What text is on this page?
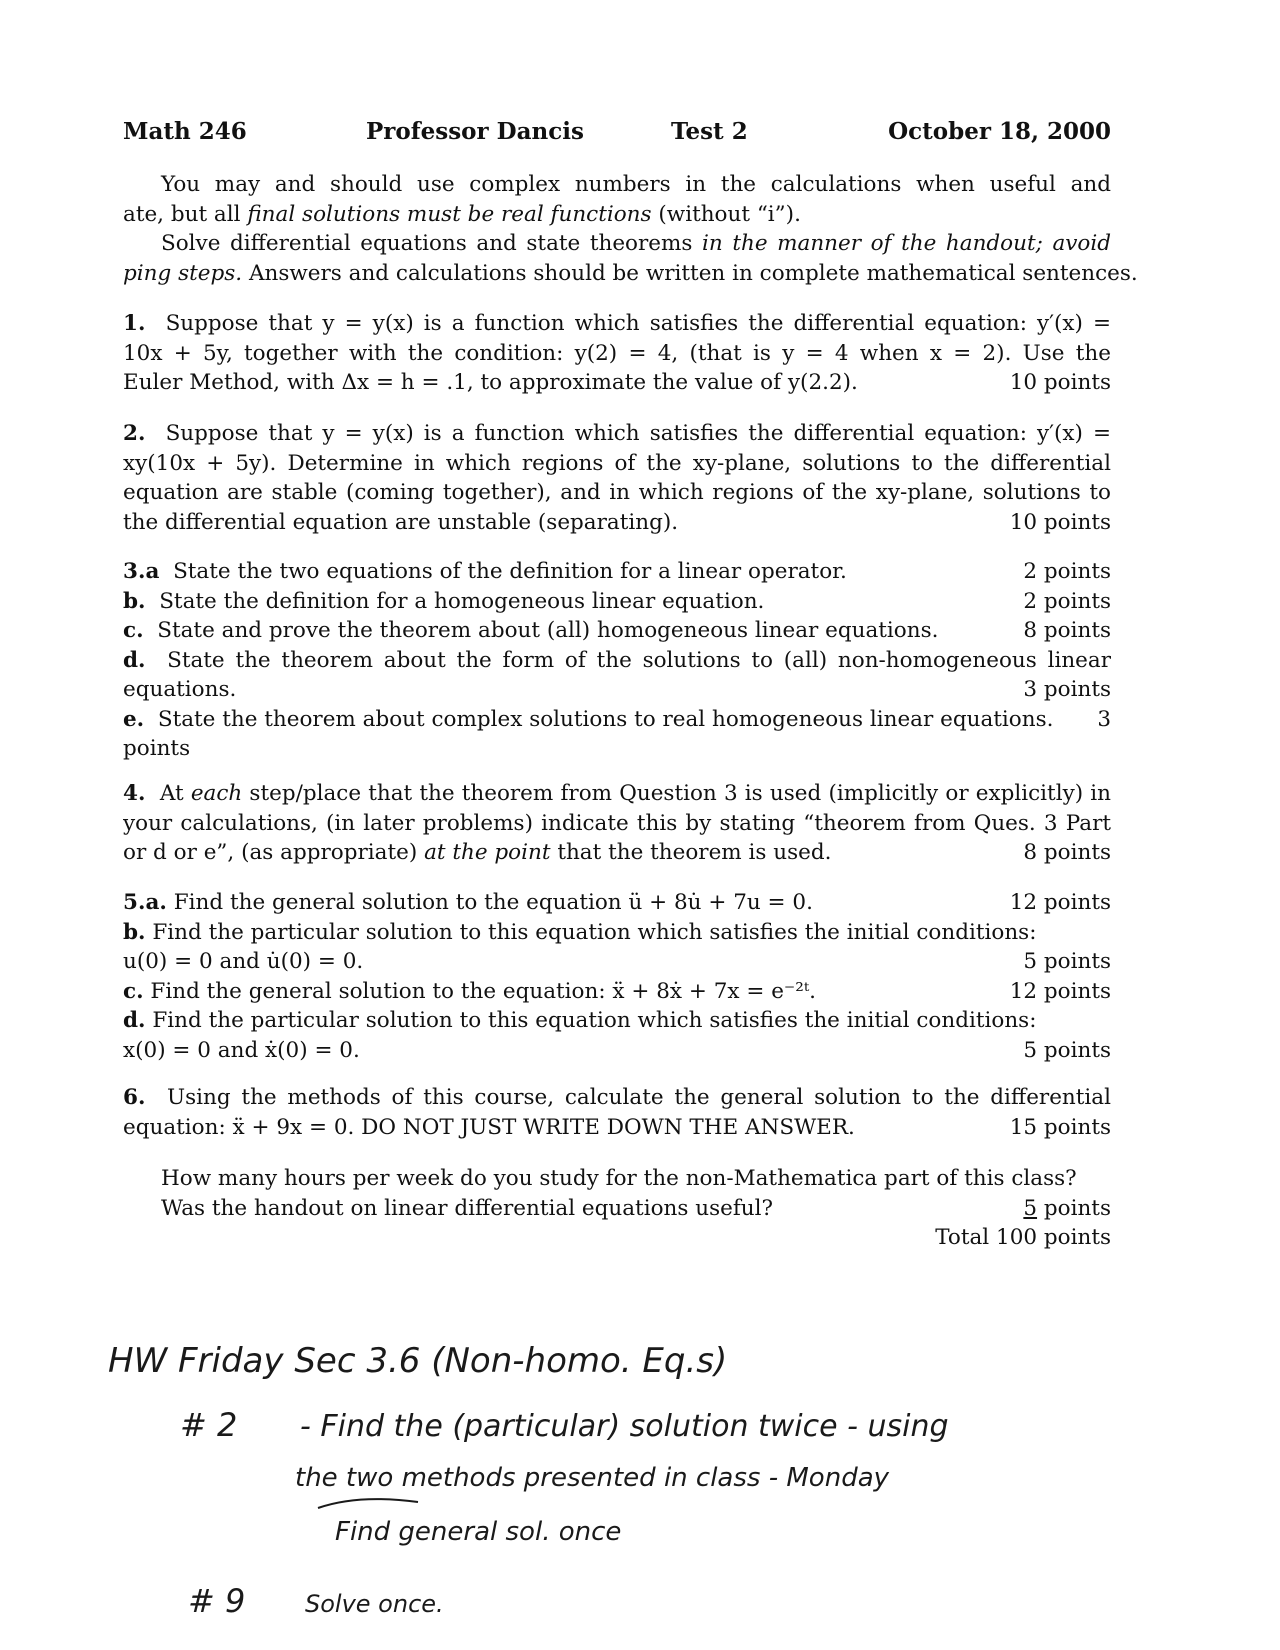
Math 246	Professor Dancis	Test 2	October 18, 2000
You may and should use complex numbers in the calculations when useful and
ate, but all final solutions must be real functions (without “i”).
Solve differential equations and state theorems in the manner of the handout; avoid
ping steps. Answers and calculations should be written in complete mathematical sentences.
1. Suppose that y = y(x) is a function which satisfies the differential equation: y′(x) =
10x + 5y, together with the condition: y(2) = 4, (that is y = 4 when x = 2). Use the
Euler Method, with Δx = h = .1, to approximate the value of y(2.2).	10 points
2. Suppose that y = y(x) is a function which satisfies the differential equation: y′(x) =
xy(10x + 5y). Determine in which regions of the xy-plane, solutions to the differential
equation are stable (coming together), and in which regions of the xy-plane, solutions to
the differential equation are unstable (separating).	10 points
3.a State the two equations of the definition for a linear operator.	2 points
b. State the definition for a homogeneous linear equation.	2 points
c. State and prove the theorem about (all) homogeneous linear equations.	8 points
d. State the theorem about the form of the solutions to (all) non-homogeneous linear
equations.	3 points
e. State the theorem about complex solutions to real homogeneous linear equations. 3
points
4. At each step/place that the theorem from Question 3 is used (implicitly or explicitly) in
your calculations, (in later problems) indicate this by stating “theorem from Ques. 3 Part
or d or e”, (as appropriate) at the point that the theorem is used.	8 points
5.a. Find the general solution to the equation ü + 8u̇ + 7u = 0.	12 points
b. Find the particular solution to this equation which satisfies the initial conditions:
u(0) = 0 and u̇(0) = 0.	5 points
c. Find the general solution to the equation: ẍ + 8ẋ + 7x = e⁻²ᵗ.	12 points
d. Find the particular solution to this equation which satisfies the initial conditions:
x(0) = 0 and ẋ(0) = 0.	5 points
6. Using the methods of this course, calculate the general solution to the differential
equation: ẍ + 9x = 0. DO NOT JUST WRITE DOWN THE ANSWER.	15 points
How many hours per week do you study for the non-Mathematica part of this class?
Was the handout on linear differential equations useful?	5 points
Total 100 points
HW Friday Sec 3.6 (Non-homo. Eq.s)
# 2 - Find the (particular) solution twice - using
the two methods presented in class - Monday
Find general sol. once
# 9 Solve once.
